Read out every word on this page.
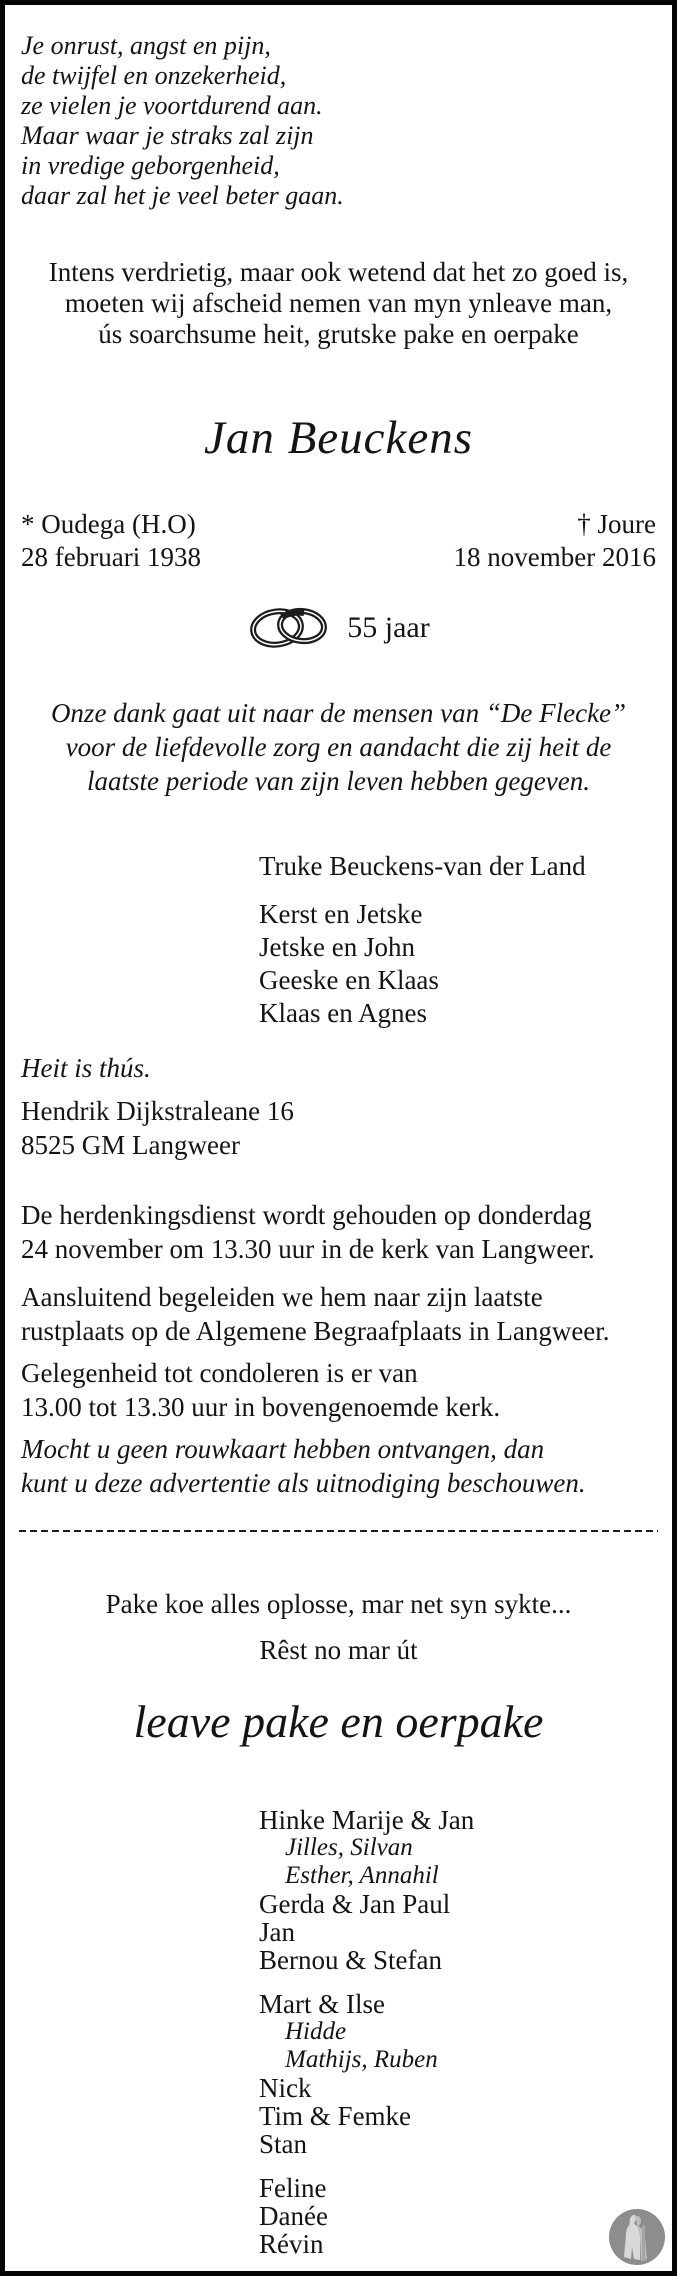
Je onrust, angst en pijn,
de twijfel en onzekerheid,
ze vielen je voortdurend aan.
Maar waar je straks zal zijn
in vredige geborgenheid,
daar zal het je veel beter gaan.
Intens verdrietig, maar ook wetend dat het zo goed is,
moeten wij afscheid nemen van myn ynleave man,
ús soarchsume heit, grutske pake en oerpake
Jan Beuckens
* Oudega (H.O)
28 februari 1938
† Joure
18 november 2016
55 jaar
Onze dank gaat uit naar de mensen van “De Flecke”
voor de liefdevolle zorg en aandacht die zij heit de
laatste periode van zijn leven hebben gegeven.
Truke Beuckens-van der Land
Kerst en Jetske
Jetske en John
Geeske en Klaas
Klaas en Agnes
Heit is thús.
Hendrik Dijkstraleane 16
8525 GM Langweer
De herdenkingsdienst wordt gehouden op donderdag
24 november om 13.30 uur in de kerk van Langweer.
Aansluitend begeleiden we hem naar zijn laatste
rustplaats op de Algemene Begraafplaats in Langweer.
Gelegenheid tot condoleren is er van
13.00 tot 13.30 uur in bovengenoemde kerk.
Mocht u geen rouwkaart hebben ontvangen, dan
kunt u deze advertentie als uitnodiging beschouwen.
Pake koe alles oplosse, mar net syn sykte...
Rêst no mar út
leave pake en oerpake
Hinke Marije & Jan
Jilles, Silvan
Esther, Annahil
Gerda & Jan Paul
Jan
Bernou & Stefan
Mart & Ilse
Hidde
Mathijs, Ruben
Nick
Tim & Femke
Stan
Feline
Danée
Révin
